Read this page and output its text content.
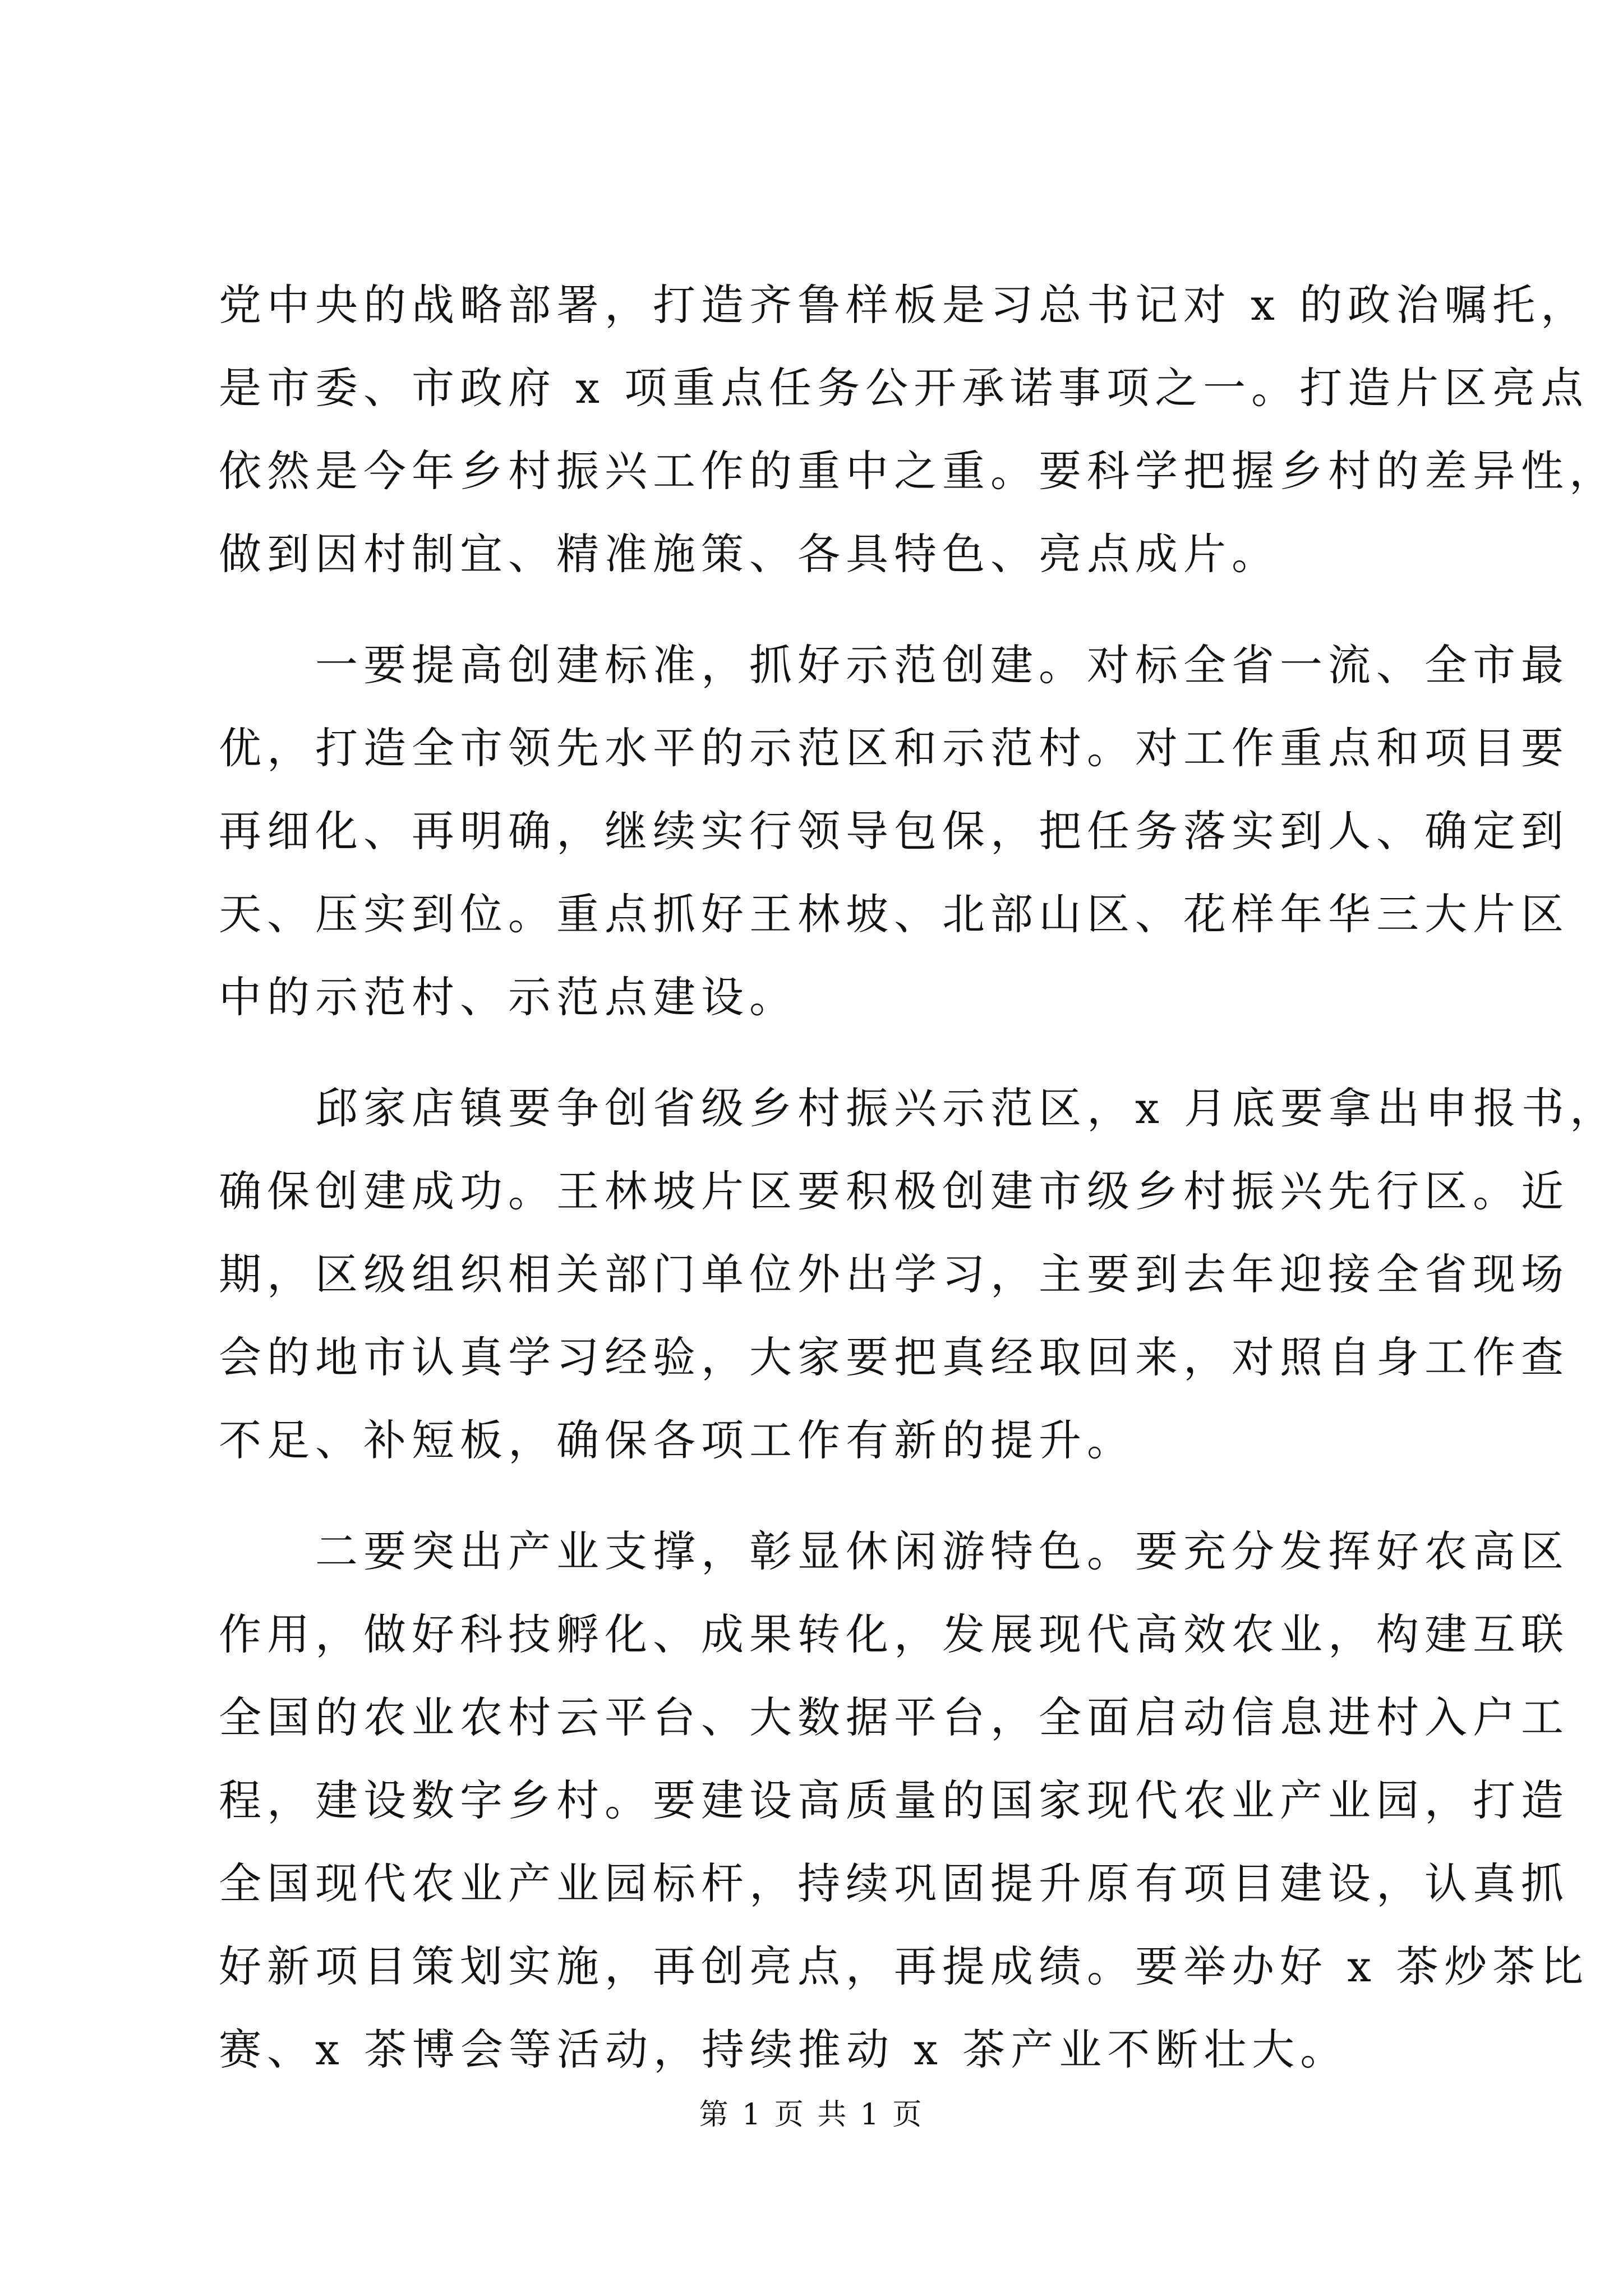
党中央的战略部署，打造齐鲁样板是习总书记对 x 的政治嘱托，
是市委、市政府 x 项重点任务公开承诺事项之一。打造片区亮点
依然是今年乡村振兴工作的重中之重。要科学把握乡村的差异性，
做到因村制宜、精准施策、各具特色、亮点成片。
　　一要提高创建标准，抓好示范创建。对标全省一流、全市最
优，打造全市领先水平的示范区和示范村。对工作重点和项目要
再细化、再明确，继续实行领导包保，把任务落实到人、确定到
天、压实到位。重点抓好王林坡、北部山区、花样年华三大片区
中的示范村、示范点建设。
　　邱家店镇要争创省级乡村振兴示范区，x 月底要拿出申报书，
确保创建成功。王林坡片区要积极创建市级乡村振兴先行区。近
期，区级组织相关部门单位外出学习，主要到去年迎接全省现场
会的地市认真学习经验，大家要把真经取回来，对照自身工作查
不足、补短板，确保各项工作有新的提升。
　　二要突出产业支撑，彰显休闲游特色。要充分发挥好农高区
作用，做好科技孵化、成果转化，发展现代高效农业，构建互联
全国的农业农村云平台、大数据平台，全面启动信息进村入户工
程，建设数字乡村。要建设高质量的国家现代农业产业园，打造
全国现代农业产业园标杆，持续巩固提升原有项目建设，认真抓
好新项目策划实施，再创亮点，再提成绩。要举办好 x 茶炒茶比
赛、x 茶博会等活动，持续推动 x 茶产业不断壮大。
第 1 页 共 1 页
